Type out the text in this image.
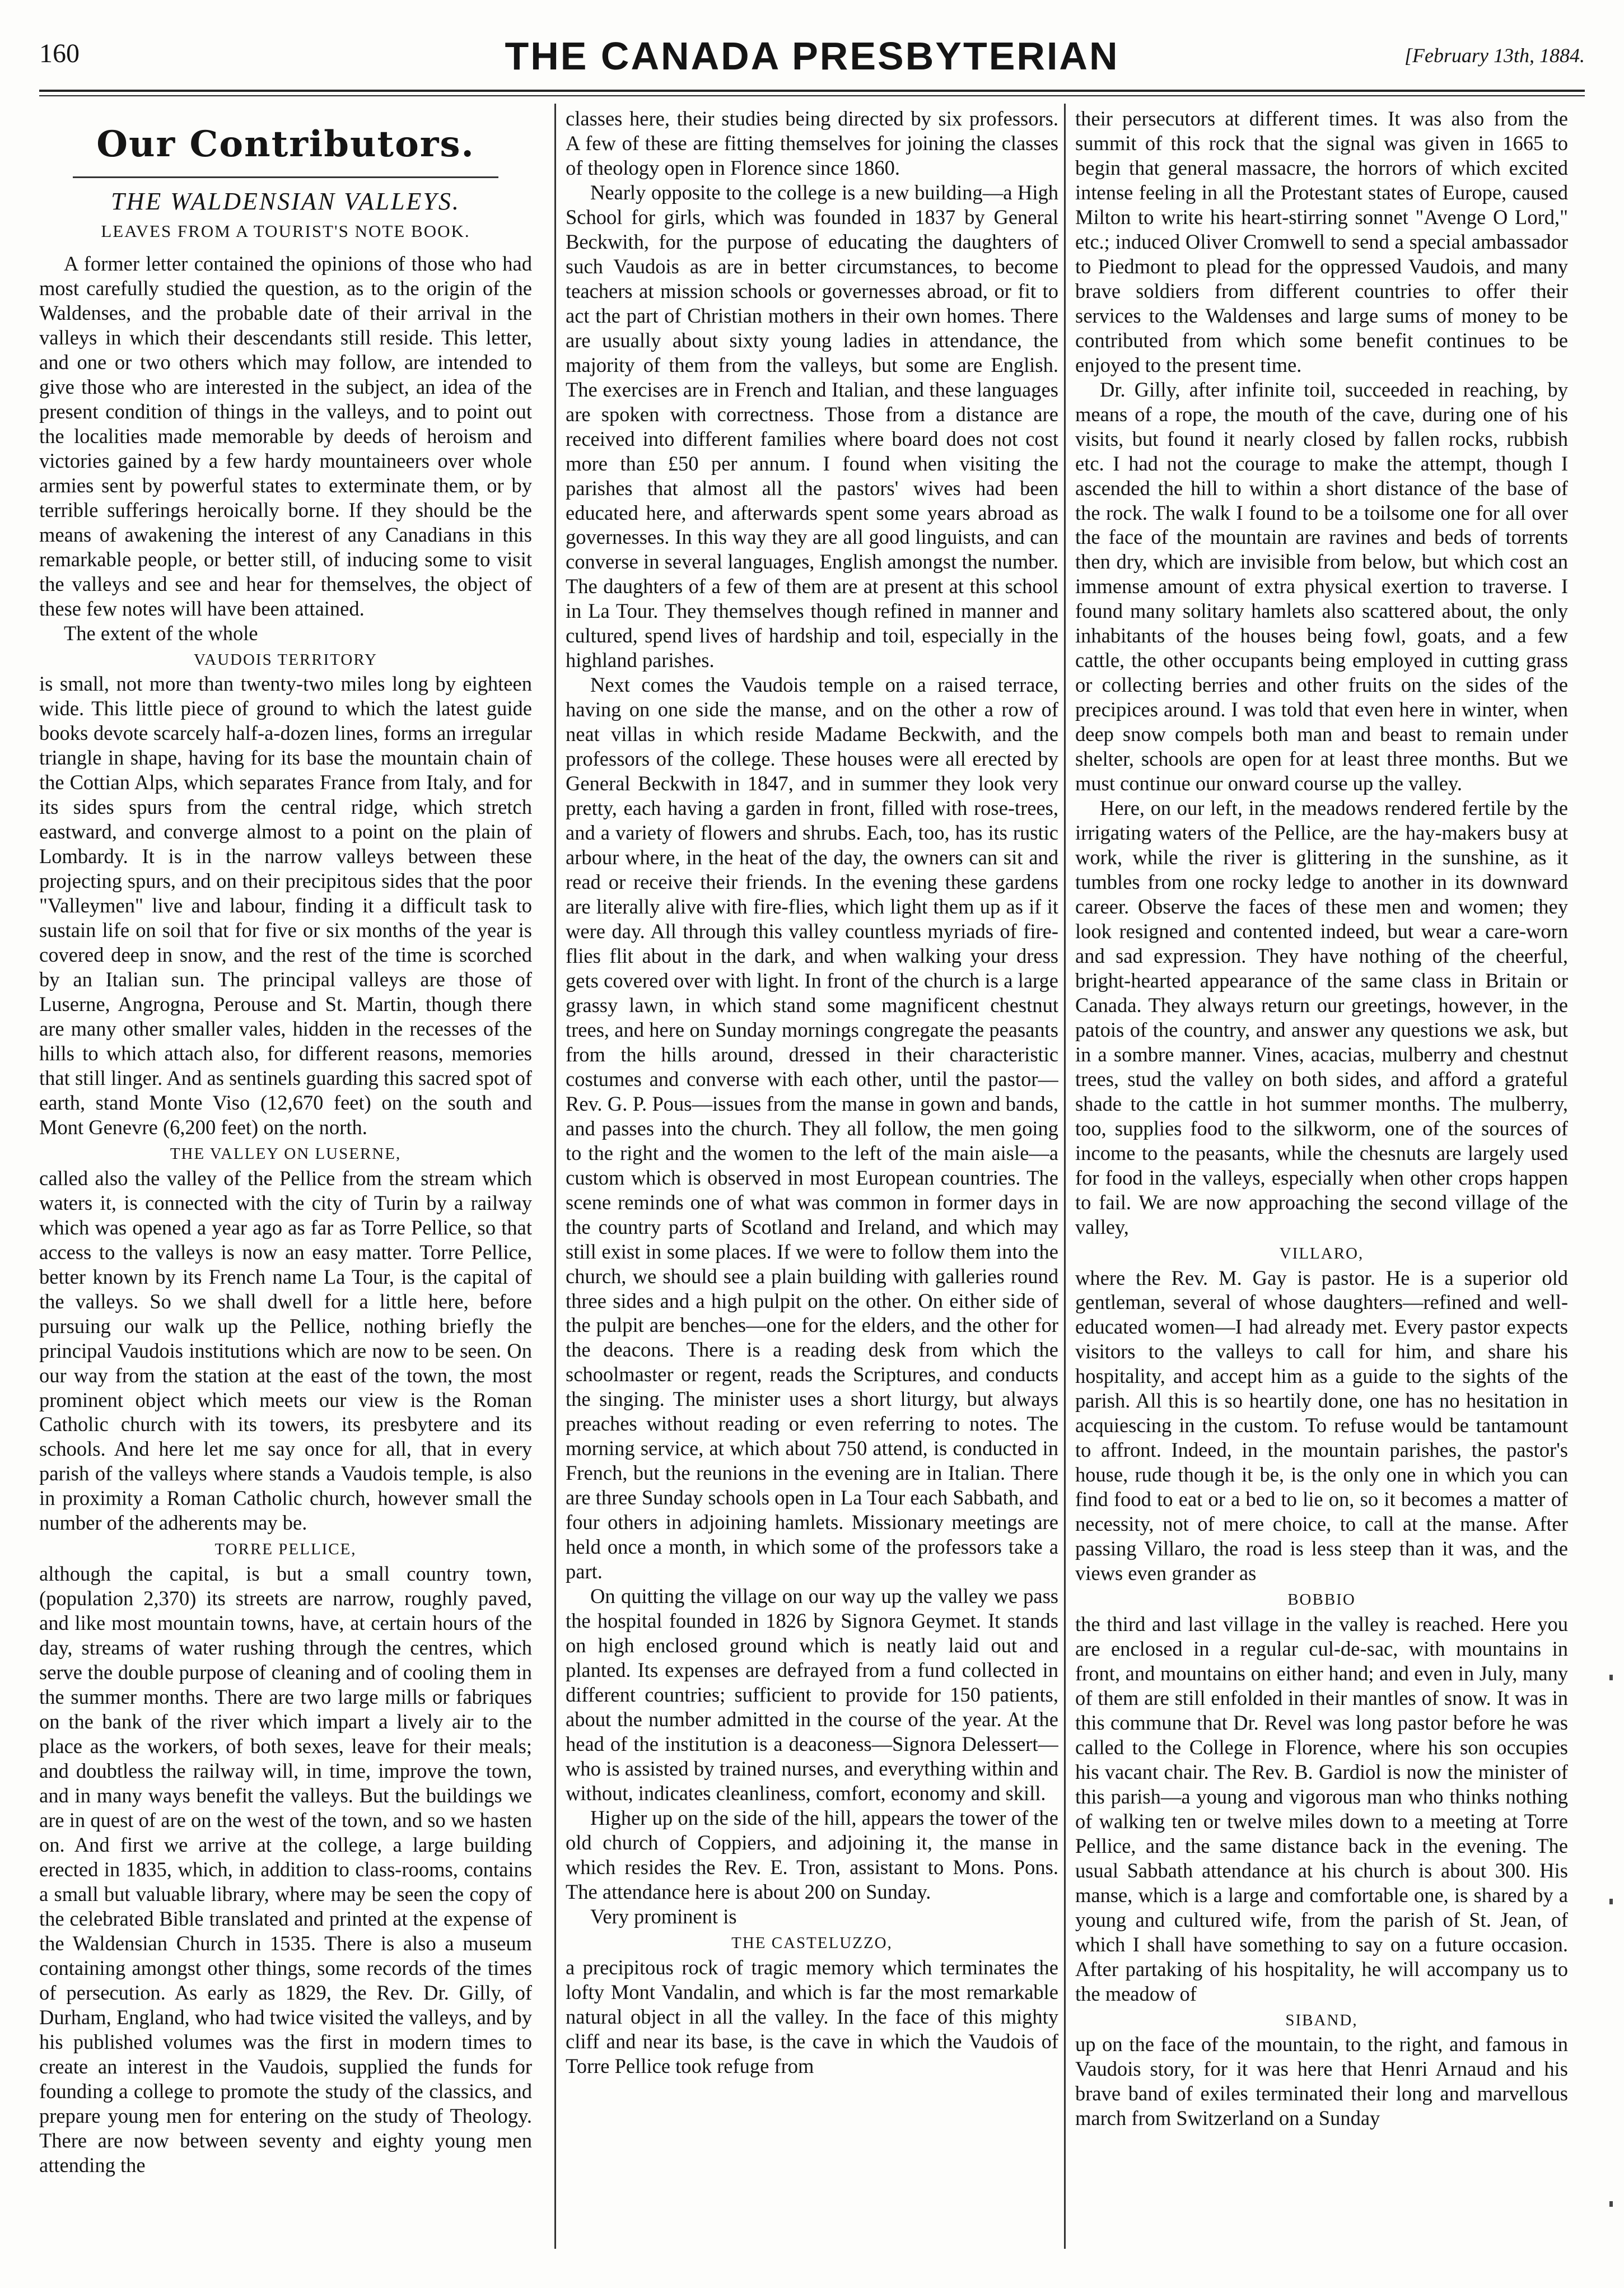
160	THE CANADA PRESBYTERIAN	[February 13th, 1884.
Our Contributors.
THE WALDENSIAN VALLEYS.
LEAVES FROM A TOURIST'S NOTE BOOK.

A former letter contained the opinions of those who had most carefully studied the question, as to the origin of the Waldenses, and the probable date of their arrival in the valleys in which their descendants still reside. This letter, and one or two others which may follow, are intended to give those who are interested in the subject, an idea of the present condition of things in the valleys, and to point out the localities made memorable by deeds of heroism and victories gained by a few hardy mountaineers over whole armies sent by powerful states to exterminate them, or by terrible sufferings heroically borne. If they should be the means of awakening the interest of any Canadians in this remarkable people, or better still, of inducing some to visit the valleys and see and hear for themselves, the object of these few notes will have been attained.

The extent of the whole

VAUDOIS TERRITORY

is small, not more than twenty-two miles long by eighteen wide. This little piece of ground to which the latest guide books devote scarcely half-a-dozen lines, forms an irregular triangle in shape, having for its base the mountain chain of the Cottian Alps, which separates France from Italy, and for its sides spurs from the central ridge, which stretch eastward, and converge almost to a point on the plain of Lombardy. It is in the narrow valleys between these projecting spurs, and on their precipitous sides that the poor "Valleymen" live and labour, finding it a difficult task to sustain life on soil that for five or six months of the year is covered deep in snow, and the rest of the time is scorched by an Italian sun. The principal valleys are those of Luserne, Angrogna, Perouse and St. Martin, though there are many other smaller vales, hidden in the recesses of the hills to which attach also, for different reasons, memories that still linger. And as sentinels guarding this sacred spot of earth, stand Monte Viso (12,670 feet) on the south and Mont Genevre (6,200 feet) on the north.

THE VALLEY ON LUSERNE,

called also the valley of the Pellice from the stream which waters it, is connected with the city of Turin by a railway which was opened a year ago as far as Torre Pellice, so that access to the valleys is now an easy matter. Torre Pellice, better known by its French name La Tour, is the capital of the valleys. So we shall dwell for a little here, before pursuing our walk up the Pellice, nothing briefly the principal Vaudois institutions which are now to be seen. On our way from the station at the east of the town, the most prominent object which meets our view is the Roman Catholic church with its towers, its presbytere and its schools. And here let me say once for all, that in every parish of the valleys where stands a Vaudois temple, is also in proximity a Roman Catholic church, however small the number of the adherents may be.

TORRE PELLICE,

although the capital, is but a small country town, (population 2,370) its streets are narrow, roughly paved, and like most mountain towns, have, at certain hours of the day, streams of water rushing through the centres, which serve the double purpose of cleaning and of cooling them in the summer months. There are two large mills or fabriques on the bank of the river which impart a lively air to the place as the workers, of both sexes, leave for their meals; and doubtless the railway will, in time, improve the town, and in many ways benefit the valleys. But the buildings we are in quest of are on the west of the town, and so we hasten on. And first we arrive at the college, a large building erected in 1835, which, in addition to class-rooms, contains a small but valuable library, where may be seen the copy of the celebrated Bible translated and printed at the expense of the Waldensian Church in 1535. There is also a museum containing amongst other things, some records of the times of persecution. As early as 1829, the Rev. Dr. Gilly, of Durham, England, who had twice visited the valleys, and by his published volumes was the first in modern times to create an interest in the Vaudois, supplied the funds for founding a college to promote the study of the classics, and prepare young men for entering on the study of Theology. There are now between seventy and eighty young men attending the

classes here, their studies being directed by six professors. A few of these are fitting themselves for joining the classes of theology open in Florence since 1860.

Nearly opposite to the college is a new building—a High School for girls, which was founded in 1837 by General Beckwith, for the purpose of educating the daughters of such Vaudois as are in better circumstances, to become teachers at mission schools or governesses abroad, or fit to act the part of Christian mothers in their own homes. There are usually about sixty young ladies in attendance, the majority of them from the valleys, but some are English. The exercises are in French and Italian, and these languages are spoken with correctness. Those from a distance are received into different families where board does not cost more than £50 per annum. I found when visiting the parishes that almost all the pastors' wives had been educated here, and afterwards spent some years abroad as governesses. In this way they are all good linguists, and can converse in several languages, English amongst the number. The daughters of a few of them are at present at this school in La Tour. They themselves though refined in manner and cultured, spend lives of hardship and toil, especially in the highland parishes.

Next comes the Vaudois temple on a raised terrace, having on one side the manse, and on the other a row of neat villas in which reside Madame Beckwith, and the professors of the college. These houses were all erected by General Beckwith in 1847, and in summer they look very pretty, each having a garden in front, filled with rose-trees, and a variety of flowers and shrubs. Each, too, has its rustic arbour where, in the heat of the day, the owners can sit and read or receive their friends. In the evening these gardens are literally alive with fire-flies, which light them up as if it were day. All through this valley countless myriads of fire-flies flit about in the dark, and when walking your dress gets covered over with light. In front of the church is a large grassy lawn, in which stand some magnificent chestnut trees, and here on Sunday mornings congregate the peasants from the hills around, dressed in their characteristic costumes and converse with each other, until the pastor—Rev. G. P. Pous—issues from the manse in gown and bands, and passes into the church. They all follow, the men going to the right and the women to the left of the main aisle—a custom which is observed in most European countries. The scene reminds one of what was common in former days in the country parts of Scotland and Ireland, and which may still exist in some places. If we were to follow them into the church, we should see a plain building with galleries round three sides and a high pulpit on the other. On either side of the pulpit are benches—one for the elders, and the other for the deacons. There is a reading desk from which the schoolmaster or regent, reads the Scriptures, and conducts the singing. The minister uses a short liturgy, but always preaches without reading or even referring to notes. The morning service, at which about 750 attend, is conducted in French, but the reunions in the evening are in Italian. There are three Sunday schools open in La Tour each Sabbath, and four others in adjoining hamlets. Missionary meetings are held once a month, in which some of the professors take a part.

On quitting the village on our way up the valley we pass the hospital founded in 1826 by Signora Geymet. It stands on high enclosed ground which is neatly laid out and planted. Its expenses are defrayed from a fund collected in different countries; sufficient to provide for 150 patients, about the number admitted in the course of the year. At the head of the institution is a deaconess—Signora Delessert—who is assisted by trained nurses, and everything within and without, indicates cleanliness, comfort, economy and skill.

Higher up on the side of the hill, appears the tower of the old church of Coppiers, and adjoining it, the manse in which resides the Rev. E. Tron, assistant to Mons. Pons. The attendance here is about 200 on Sunday.

Very prominent is

THE CASTELUZZO,

a precipitous rock of tragic memory which terminates the lofty Mont Vandalin, and which is far the most remarkable natural object in all the valley. In the face of this mighty cliff and near its base, is the cave in which the Vaudois of Torre Pellice took refuge from

their persecutors at different times. It was also from the summit of this rock that the signal was given in 1665 to begin that general massacre, the horrors of which excited intense feeling in all the Protestant states of Europe, caused Milton to write his heart-stirring sonnet "Avenge O Lord," etc.; induced Oliver Cromwell to send a special ambassador to Piedmont to plead for the oppressed Vaudois, and many brave soldiers from different countries to offer their services to the Waldenses and large sums of money to be contributed from which some benefit continues to be enjoyed to the present time.

Dr. Gilly, after infinite toil, succeeded in reaching, by means of a rope, the mouth of the cave, during one of his visits, but found it nearly closed by fallen rocks, rubbish etc. I had not the courage to make the attempt, though I ascended the hill to within a short distance of the base of the rock. The walk I found to be a toilsome one for all over the face of the mountain are ravines and beds of torrents then dry, which are invisible from below, but which cost an immense amount of extra physical exertion to traverse. I found many solitary hamlets also scattered about, the only inhabitants of the houses being fowl, goats, and a few cattle, the other occupants being employed in cutting grass or collecting berries and other fruits on the sides of the precipices around. I was told that even here in winter, when deep snow compels both man and beast to remain under shelter, schools are open for at least three months. But we must continue our onward course up the valley.

Here, on our left, in the meadows rendered fertile by the irrigating waters of the Pellice, are the hay-makers busy at work, while the river is glittering in the sunshine, as it tumbles from one rocky ledge to another in its downward career. Observe the faces of these men and women; they look resigned and contented indeed, but wear a care-worn and sad expression. They have nothing of the cheerful, bright-hearted appearance of the same class in Britain or Canada. They always return our greetings, however, in the patois of the country, and answer any questions we ask, but in a sombre manner. Vines, acacias, mulberry and chestnut trees, stud the valley on both sides, and afford a grateful shade to the cattle in hot summer months. The mulberry, too, supplies food to the silkworm, one of the sources of income to the peasants, while the chesnuts are largely used for food in the valleys, especially when other crops happen to fail. We are now approaching the second village of the valley,

VILLARO,

where the Rev. M. Gay is pastor. He is a superior old gentleman, several of whose daughters—refined and well-educated women—I had already met. Every pastor expects visitors to the valleys to call for him, and share his hospitality, and accept him as a guide to the sights of the parish. All this is so heartily done, one has no hesitation in acquiescing in the custom. To refuse would be tantamount to affront. Indeed, in the mountain parishes, the pastor's house, rude though it be, is the only one in which you can find food to eat or a bed to lie on, so it becomes a matter of necessity, not of mere choice, to call at the manse. After passing Villaro, the road is less steep than it was, and the views even grander as

BOBBIO

the third and last village in the valley is reached. Here you are enclosed in a regular cul-de-sac, with mountains in front, and mountains on either hand; and even in July, many of them are still enfolded in their mantles of snow. It was in this commune that Dr. Revel was long pastor before he was called to the College in Florence, where his son occupies his vacant chair. The Rev. B. Gardiol is now the minister of this parish—a young and vigorous man who thinks nothing of walking ten or twelve miles down to a meeting at Torre Pellice, and the same distance back in the evening. The usual Sabbath attendance at his church is about 300. His manse, which is a large and comfortable one, is shared by a young and cultured wife, from the parish of St. Jean, of which I shall have something to say on a future occasion. After partaking of his hospitality, he will accompany us to the meadow of

SIBAND,

up on the face of the mountain, to the right, and famous in Vaudois story, for it was here that Henri Arnaud and his brave band of exiles terminated their long and marvellous march from Switzerland on a Sunday
